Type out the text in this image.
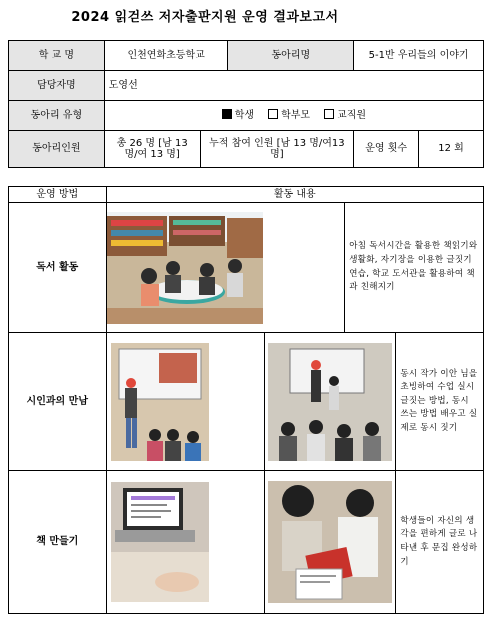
2024 읽걷쓰 저자출판지원 운영 결과보고서
학 교 명	인천연화초등학교		동아리명	5-1반 우리들의 이야기
담당자명	도영선			
동아리 유형	학생 학부모 교직원			

동아리인원	총 26 명 [남 13 명/여 13 명]	누적 참여 인원 [남 13 명/여13 명]		운영 횟수 12 회
운영 방법	활동 내용		
독서 활동			아침 독서시간을 활용한 책읽기와 생활화, 자기장을 이용한 글짓기 연습, 학교 도서관을 활용하여 책과 친해지기
시인과의 만남		동시 작가 이안 님을 초빙하여 수업 실시 글짓는 방법, 동시 쓰는 방법 배우고 실제로 동시 짓기	

책 만들기		학생들이 자신의 생각을 편하게 글로 나타낸 후 문집 완성하기	
